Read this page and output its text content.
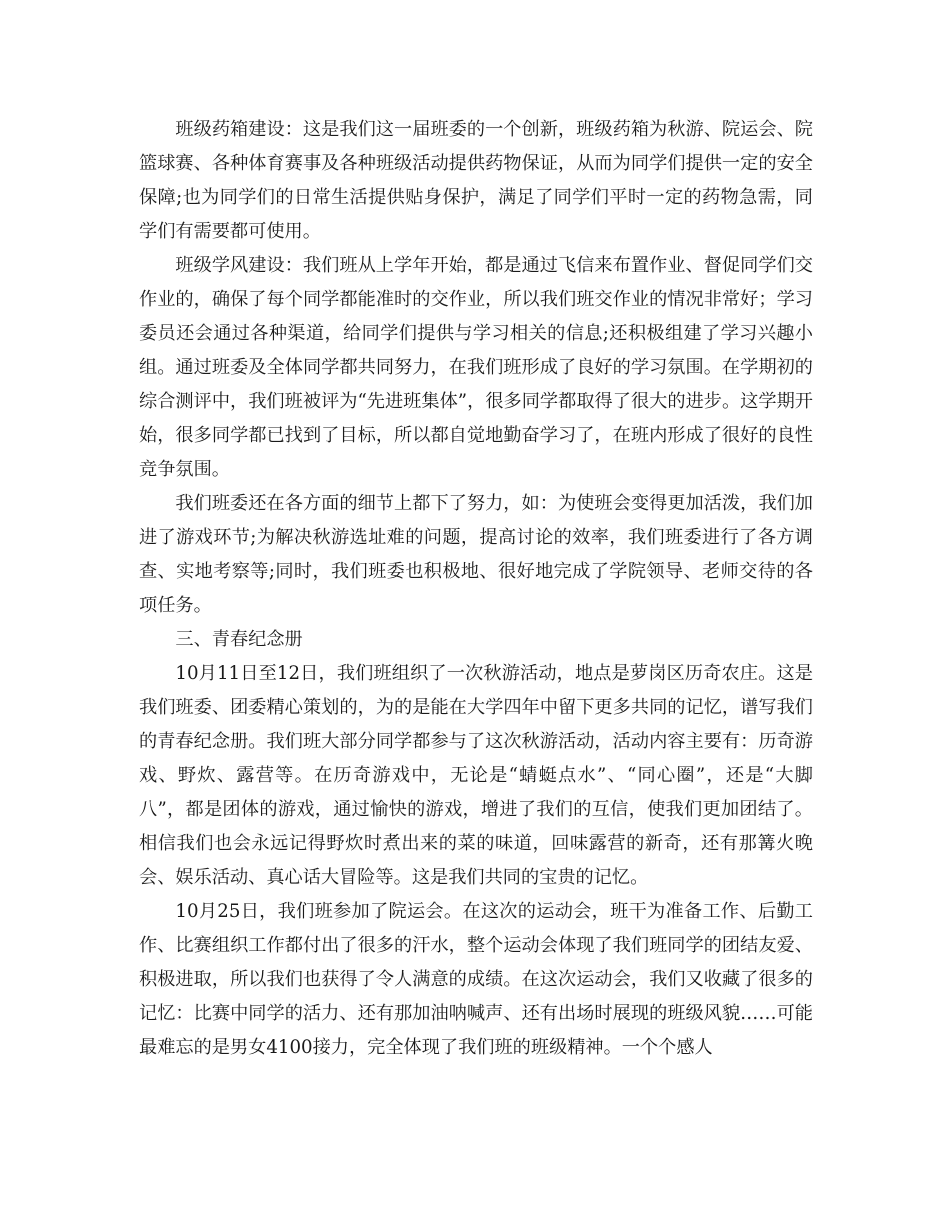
班级药箱建设：这是我们这一届班委的一个创新，班级药箱为秋游、院运会、院篮球赛、各种体育赛事及各种班级活动提供药物保证，从而为同学们提供一定的安全保障;也为同学们的日常生活提供贴身保护，满足了同学们平时一定的药物急需，同学们有需要都可使用。

班级学风建设：我们班从上学年开始，都是通过飞信来布置作业、督促同学们交作业的，确保了每个同学都能准时的交作业，所以我们班交作业的情况非常好；学习委员还会通过各种渠道，给同学们提供与学习相关的信息;还积极组建了学习兴趣小组。通过班委及全体同学都共同努力，在我们班形成了良好的学习氛围。在学期初的综合测评中，我们班被评为“先进班集体”，很多同学都取得了很大的进步。这学期开始，很多同学都已找到了目标，所以都自觉地勤奋学习了，在班内形成了很好的良性竞争氛围。

我们班委还在各方面的细节上都下了努力，如：为使班会变得更加活泼，我们加进了游戏环节;为解决秋游选址难的问题，提高讨论的效率，我们班委进行了各方调查、实地考察等;同时，我们班委也积极地、很好地完成了学院领导、老师交待的各项任务。

三、青春纪念册

10月11日至12日，我们班组织了一次秋游活动，地点是萝岗区历奇农庄。这是我们班委、团委精心策划的，为的是能在大学四年中留下更多共同的记忆，谱写我们的青春纪念册。我们班大部分同学都参与了这次秋游活动，活动内容主要有：历奇游戏、野炊、露营等。在历奇游戏中，无论是“蜻蜓点水”、“同心圈”，还是“大脚八”，都是团体的游戏，通过愉快的游戏，增进了我们的互信，使我们更加团结了。相信我们也会永远记得野炊时煮出来的菜的味道，回味露营的新奇，还有那篝火晚会、娱乐活动、真心话大冒险等。这是我们共同的宝贵的记忆。

10月25日，我们班参加了院运会。在这次的运动会，班干为准备工作、后勤工作、比赛组织工作都付出了很多的汗水，整个运动会体现了我们班同学的团结友爱、积极进取，所以我们也获得了令人满意的成绩。在这次运动会，我们又收藏了很多的记忆：比赛中同学的活力、还有那加油呐喊声、还有出场时展现的班级风貌……可能最难忘的是男女4100接力，完全体现了我们班的班级精神。一个个感人
